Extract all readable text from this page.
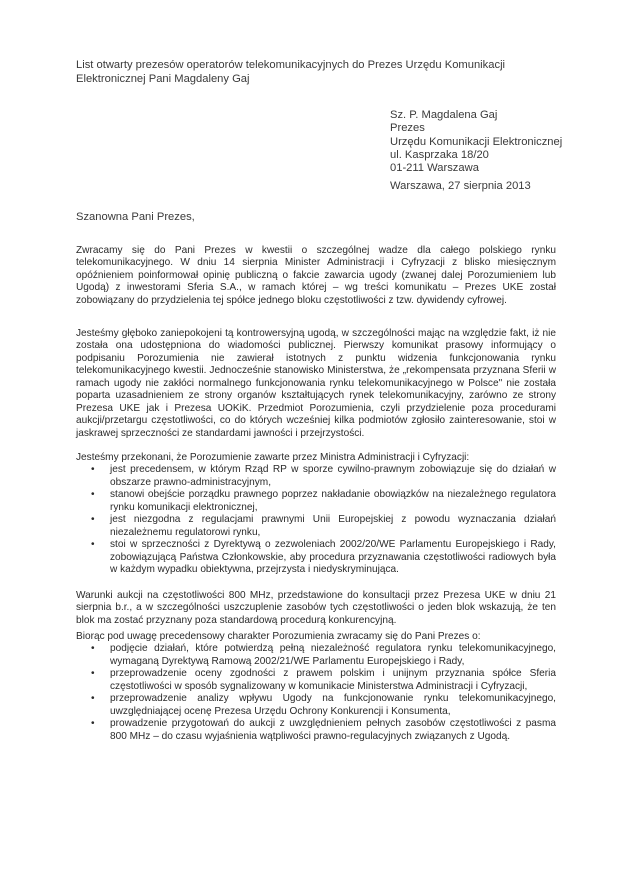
List otwarty prezesów operatorów telekomunikacyjnych do Prezes Urzędu Komunikacji Elektronicznej Pani Magdaleny Gaj
Sz. P. Magdalena Gaj
Prezes
Urzędu Komunikacji Elektronicznej
ul. Kasprzaka 18/20
01-211 Warszawa
Warszawa, 27 sierpnia 2013
Szanowna Pani Prezes,

Zwracamy się do Pani Prezes w kwestii o szczególnej wadze dla całego polskiego rynku telekomunikacyjnego. W dniu 14 sierpnia Minister Administracji i Cyfryzacji z blisko miesięcznym opóźnieniem poinformował opinię publiczną o fakcie zawarcia ugody (zwanej dalej Porozumieniem lub Ugodą) z inwestorami Sferia S.A., w ramach której – wg treści komunikatu – Prezes UKE został zobowiązany do przydzielenia tej spółce jednego bloku częstotliwości z tzw. dywidendy cyfrowej.

Jesteśmy głęboko zaniepokojeni tą kontrowersyjną ugodą, w szczególności mając na względzie fakt, iż nie została ona udostępniona do wiadomości publicznej. Pierwszy komunikat prasowy informujący o podpisaniu Porozumienia nie zawierał istotnych z punktu widzenia funkcjonowania rynku telekomunikacyjnego kwestii. Jednocześnie stanowisko Ministerstwa, że „rekompensata przyznana Sferii w ramach ugody nie zakłóci normalnego funkcjonowania rynku telekomunikacyjnego w Polsce" nie została poparta uzasadnieniem ze strony organów kształtujących rynek telekomunikacyjny, zarówno ze strony Prezesa UKE jak i Prezesa UOKiK. Przedmiot Porozumienia, czyli przydzielenie poza procedurami aukcji/przetargu częstotliwości, co do których wcześniej kilka podmiotów zgłosiło zainteresowanie, stoi w jaskrawej sprzeczności ze standardami jawności i przejrzystości.

Jesteśmy przekonani, że Porozumienie zawarte przez Ministra Administracji i Cyfryzacji:

• jest precedensem, w którym Rząd RP w sporze cywilno-prawnym zobowiązuje się do działań w obszarze prawno-administracyjnym,
• stanowi obejście porządku prawnego poprzez nakładanie obowiązków na niezależnego regulatora rynku komunikacji elektronicznej,
• jest niezgodna z regulacjami prawnymi Unii Europejskiej z powodu wyznaczania działań niezależnemu regulatorowi rynku,
• stoi w sprzeczności z Dyrektywą o zezwoleniach 2002/20/WE Parlamentu Europejskiego i Rady, zobowiązującą Państwa Członkowskie, aby procedura przyznawania częstotliwości radiowych była w każdym wypadku obiektywna, przejrzysta i niedyskryminująca.

Warunki aukcji na częstotliwości 800 MHz, przedstawione do konsultacji przez Prezesa UKE w dniu 21 sierpnia b.r., a w szczególności uszczuplenie zasobów tych częstotliwości o jeden blok wskazują, że ten blok ma zostać przyznany poza standardową procedurą konkurencyjną.

Biorąc pod uwagę precedensowy charakter Porozumienia zwracamy się do Pani Prezes o:

• podjęcie działań, które potwierdzą pełną niezależność regulatora rynku telekomunikacyjnego, wymaganą Dyrektywą Ramową 2002/21/WE Parlamentu Europejskiego i Rady,
• przeprowadzenie oceny zgodności z prawem polskim i unijnym przyznania spółce Sferia częstotliwości w sposób sygnalizowany w komunikacie Ministerstwa Administracji i Cyfryzacji,
• przeprowadzenie analizy wpływu Ugody na funkcjonowanie rynku telekomunikacyjnego, uwzględniającej ocenę Prezesa Urzędu Ochrony Konkurencji i Konsumenta,
• prowadzenie przygotowań do aukcji z uwzględnieniem pełnych zasobów częstotliwości z pasma 800 MHz – do czasu wyjaśnienia wątpliwości prawno-regulacyjnych związanych z Ugodą.
